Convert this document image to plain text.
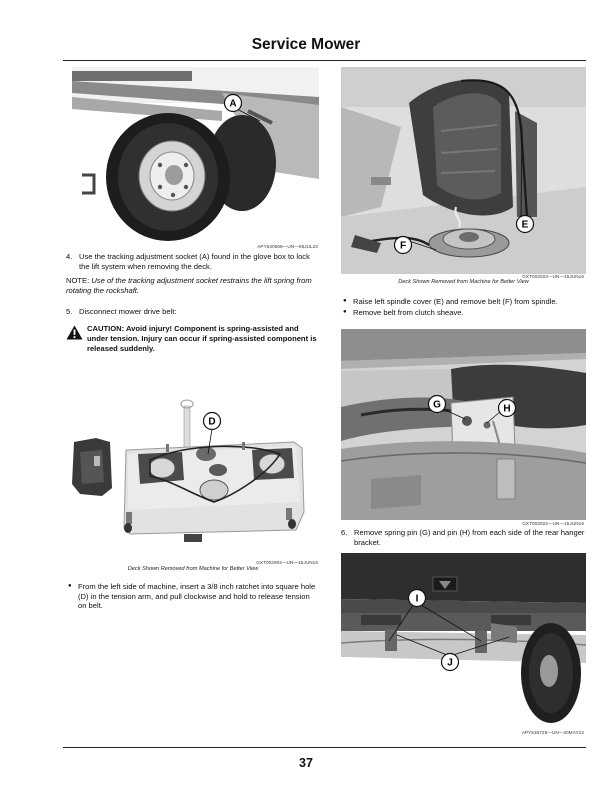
Service Mower
A
APY540569—UN—05JUL22
4. Use the tracking adjustment socket (A) found in the glove box to lock the lift system when removing the deck.
NOTE: Use of the tracking adjustment socket restrains the lift spring from rotating the rockshaft.
5. Disconnect mower drive belt:
CAUTION: Avoid injury! Component is spring-assisted and under tension. Injury can occur if spring-assisted component is released suddenly.
D
GXT002904—UN—15JUN16
Deck Shown Removed from Machine for Better View
● From the left side of machine, insert a 3/8 inch ratchet into square hole (D) in the tension arm, and pull clockwise and hold to release tension on belt.
E
F
GXT003023—UN—15JUN16
Deck Shown Removed from Machine for Better View
● Raise left spindle cover (E) and remove belt (F) from spindle.
● Remove belt from clutch sheave.
G	H
GXT003022—UN—15JUN16
6. Remove spring pin (G) and pin (H) from each side of the rear hanger bracket.
I
J
APY536728—UN—20MAY22
37
